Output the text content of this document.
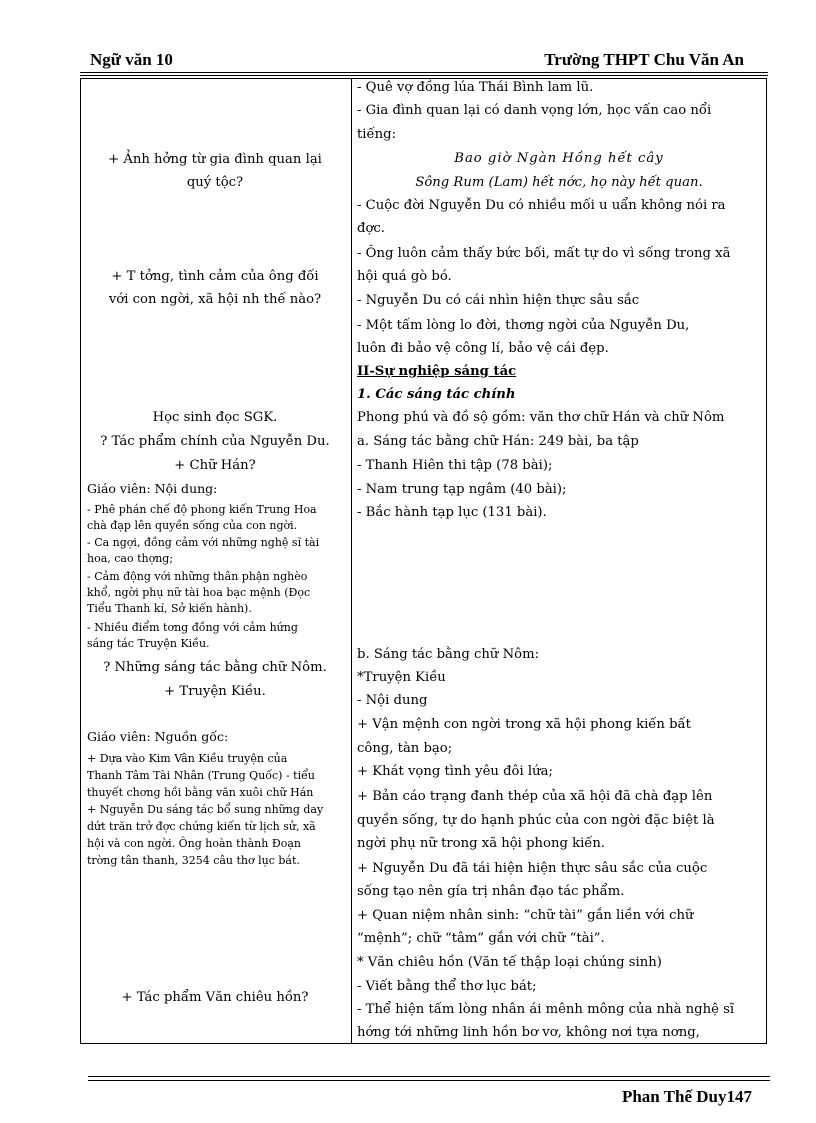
Ngữ văn 10	Trường THPT Chu Văn An
+ Ảnh hởng từ gia đình quan lại
quý tộc?
+ T tởng, tình cảm của ông đối
với con ngời, xã hội nh thế nào?
Học sinh đọc SGK.
? Tác phẩm chính của Nguyễn Du.
+ Chữ Hán?
Giáo viên: Nội dung:
- Phê phán chế độ phong kiến Trung Hoa
chà đạp lên quyền sống của con ngời.
- Ca ngợi, đồng cảm với những nghệ sĩ tài
hoa, cao thợng;
- Cảm động với những thân phận nghèo
khổ, ngời phụ nữ tài hoa bạc mệnh (Đọc
Tiểu Thanh kí, Sở kiến hành).
- Nhiều điểm tơng đồng với cảm hứng
sáng tác Truyện Kiều.
? Những sáng tác bằng chữ Nôm.
+ Truyện Kiều.
Giáo viên: Nguồn gốc:
+ Dựa vào Kim Vân Kiều truyện của
Thanh Tâm Tài Nhân (Trung Quốc) - tiểu
thuyết chơng hồi bằng văn xuôi chữ Hán
+ Nguyễn Du sáng tác bổ sung những day
dứt trăn trở đợc chứng kiến từ lịch sử, xã
hội và con ngời. Ông hoàn thành Đoạn
trờng tân thanh, 3254 câu thơ lục bát.
+ Tác phẩm Văn chiêu hồn?
- Quê vợ đồng lúa Thái Bình lam lũ.
- Gia đình quan lại có danh vọng lớn, học vấn cao nổi
tiếng:
Bao giờ Ngàn Hồng hết cây
Sông Rum (Lam) hết nớc, họ này hết quan.
- Cuộc đời Nguyễn Du có nhiều mối u uẩn không nói ra
đợc.
- Ông luôn cảm thấy bức bối, mất tự do vì sống trong xã
hội quá gò bó.
- Nguyễn Du có cái nhìn hiện thực sâu sắc
- Một tấm lòng lo đời, thơng ngời của Nguyễn Du,
luôn đi bảo vệ công lí, bảo vệ cái đẹp.
II-Sự nghiệp sáng tác
1. Các sáng tác chính
Phong phú và đồ sộ gồm: văn thơ chữ Hán và chữ Nôm
a. Sáng tác bằng chữ Hán: 249 bài, ba tập
- Thanh Hiên thi tập (78 bài);
- Nam trung tạp ngâm (40 bài);
- Bắc hành tạp lục (131 bài).
b. Sáng tác bằng chữ Nôm:
*Truyện Kiều
- Nội dung
+ Vận mệnh con ngời trong xã hội phong kiến bất
công, tàn bạo;
+ Khát vọng tình yêu đôi lứa;
+ Bản cáo trạng đanh thép của xã hội đã chà đạp lên
quyền sống, tự do hạnh phúc của con ngời đặc biệt là
ngời phụ nữ trong xã hội phong kiến.
+ Nguyễn Du đã tái hiện hiện thực sâu sắc của cuộc
sống tạo nên gía trị nhân đạo tác phẩm.
+ Quan niệm nhân sinh: “chữ tài” gắn liền với chữ
“mệnh”; chữ “tâm” gắn với chữ “tài”.
* Văn chiêu hồn (Văn tế thập loại chúng sinh)
- Viết bằng thể thơ lục bát;
- Thể hiện tấm lòng nhân ái mênh mông của nhà nghệ sĩ
hớng tới những linh hồn bơ vơ, không nơi tựa nơng,
Phan Thế Duy147
